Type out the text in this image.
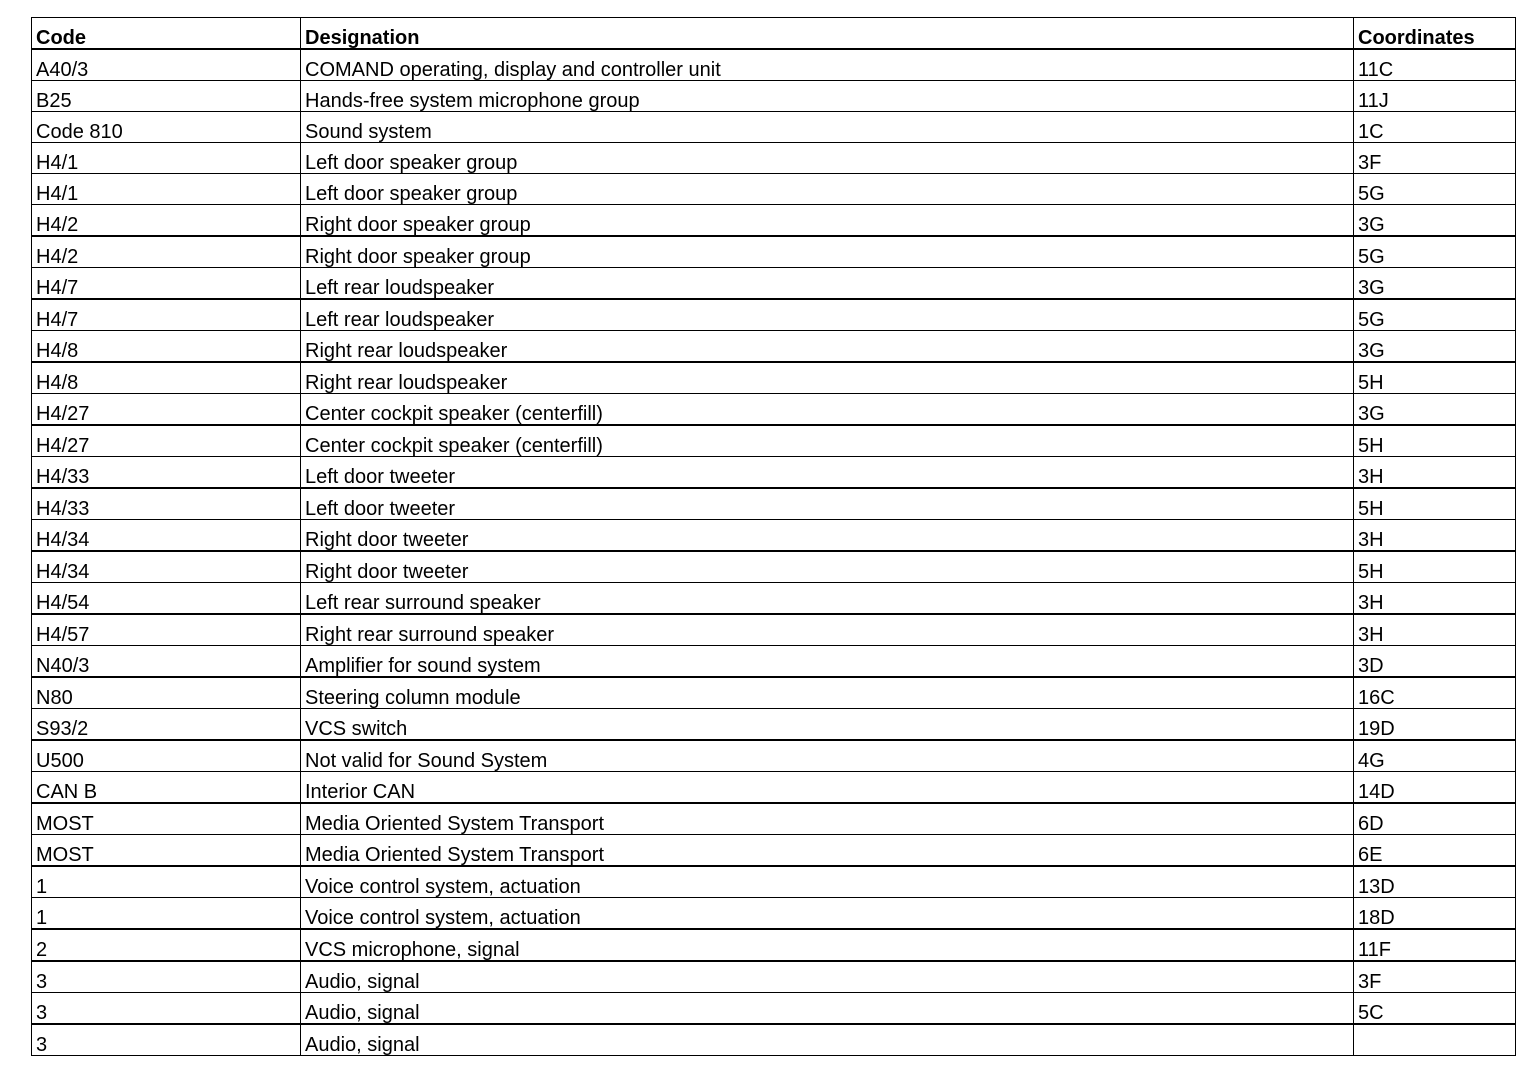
Code	Designation	Coordinates
A40/3	COMAND operating, display and controller unit	11C
B25	Hands-free system microphone group	11J
Code 810	Sound system	1C
H4/1	Left door speaker group	3F
H4/1	Left door speaker group	5G
H4/2	Right door speaker group	3G
H4/2	Right door speaker group	5G
H4/7	Left rear loudspeaker	3G
H4/7	Left rear loudspeaker	5G
H4/8	Right rear loudspeaker	3G
H4/8	Right rear loudspeaker	5H
H4/27	Center cockpit speaker (centerfill)	3G
H4/27	Center cockpit speaker (centerfill)	5H
H4/33	Left door tweeter	3H
H4/33	Left door tweeter	5H
H4/34	Right door tweeter	3H
H4/34	Right door tweeter	5H
H4/54	Left rear surround speaker	3H
H4/57	Right rear surround speaker	3H
N40/3	Amplifier for sound system	3D
N80	Steering column module	16C
S93/2	VCS switch	19D
U500	Not valid for Sound System	4G
CAN B	Interior CAN	14D
MOST	Media Oriented System Transport	6D
MOST	Media Oriented System Transport	6E
1	Voice control system, actuation	13D
1	Voice control system, actuation	18D
2	VCS microphone, signal	11F
3	Audio, signal	3F
3	Audio, signal	5C
3	Audio, signal	
